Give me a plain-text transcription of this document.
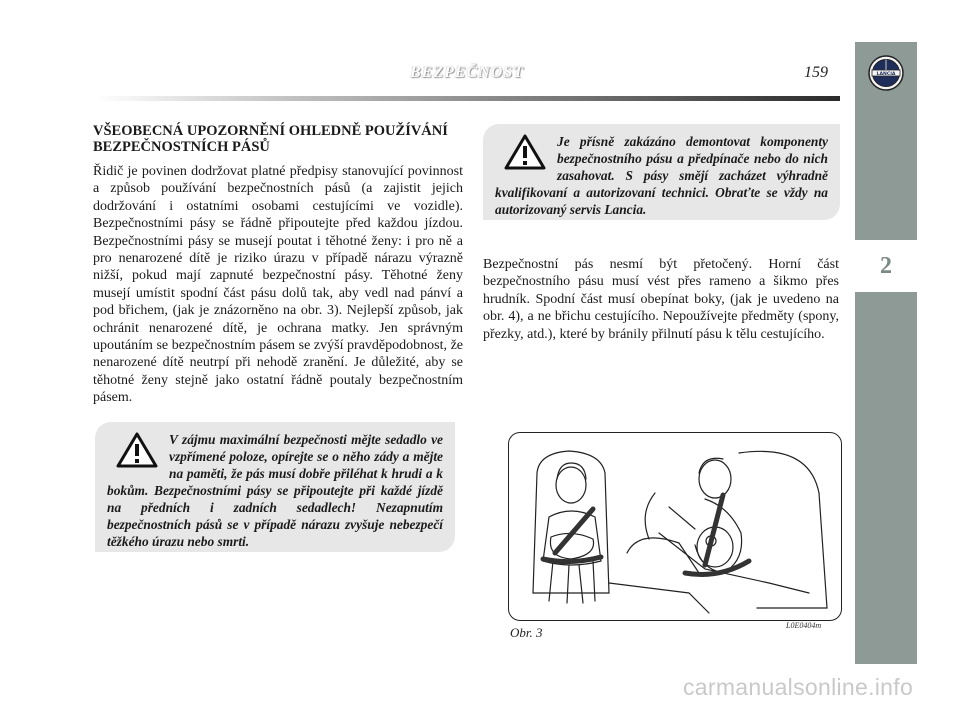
LANCIA
2
BEZPEČNOST	159
VŠEOBECNÁ UPOZORNĚNÍ OHLEDNĚ POUŽÍVÁNÍ BEZPEČNOSTNÍCH PÁSŮ

Řidič je povinen dodržovat platné předpisy stanovující povinnost a způsob používání bezpečnostních pásů (a zajistit jejich dodržování i ostatními osobami cestujícími ve vozidle). Bezpečnostními pásy se řádně připoutejte před každou jízdou. Bezpečnostními pásy se musejí poutat i těhotné ženy: i pro ně a pro nenarozené dítě je riziko úrazu v případě nárazu výrazně nižší, pokud mají zapnuté bezpečnostní pásy. Těhotné ženy musejí umístit spodní část pásu dolů tak, aby vedl nad pánví a pod břichem, (jak je znázorněno na obr. 3). Nejlepší způsob, jak ochránit nenarozené dítě, je ochrana matky. Jen správným upoutáním se bezpečnostním pásem se zvýší pravděpodobnost, že nenarozené dítě neutrpí při nehodě zranění. Je důležité, aby se těhotné ženy stejně jako ostatní řádně poutaly bezpečnostním pásem.

V zájmu maximální bezpečnosti mějte sedadlo ve vzpřímené poloze, opírejte se o něho zády a mějte na paměti, že pás musí dobře přiléhat k hrudi a k bokům. Bezpečnostními pásy se připoutejte při každé jízdě na předních i zadních sedadlech! Nezapnutím bezpečnostních pásů se v případě nárazu zvyšuje nebezpečí těžkého úrazu nebo smrti.

Je přísně zakázáno demontovat komponenty bezpečnostního pásu a předpínače nebo do nich zasahovat. S pásy smějí zacházet výhradně kvalifikovaní a autorizovaní technici. Obraťte se vždy na autorizovaný servis Lancia.

Bezpečnostní pás nesmí být přetočený. Horní část bezpečnostního pásu musí vést přes rameno a šikmo přes hrudník. Spodní část musí obepínat boky, (jak je uvedeno na obr. 4), a ne břichu cestujícího. Nepoužívejte předměty (spony, přezky, atd.), které by bránily přilnutí pásu k tělu cestujícího.

L0E0404m
Obr. 3
carmanualsonline.info
